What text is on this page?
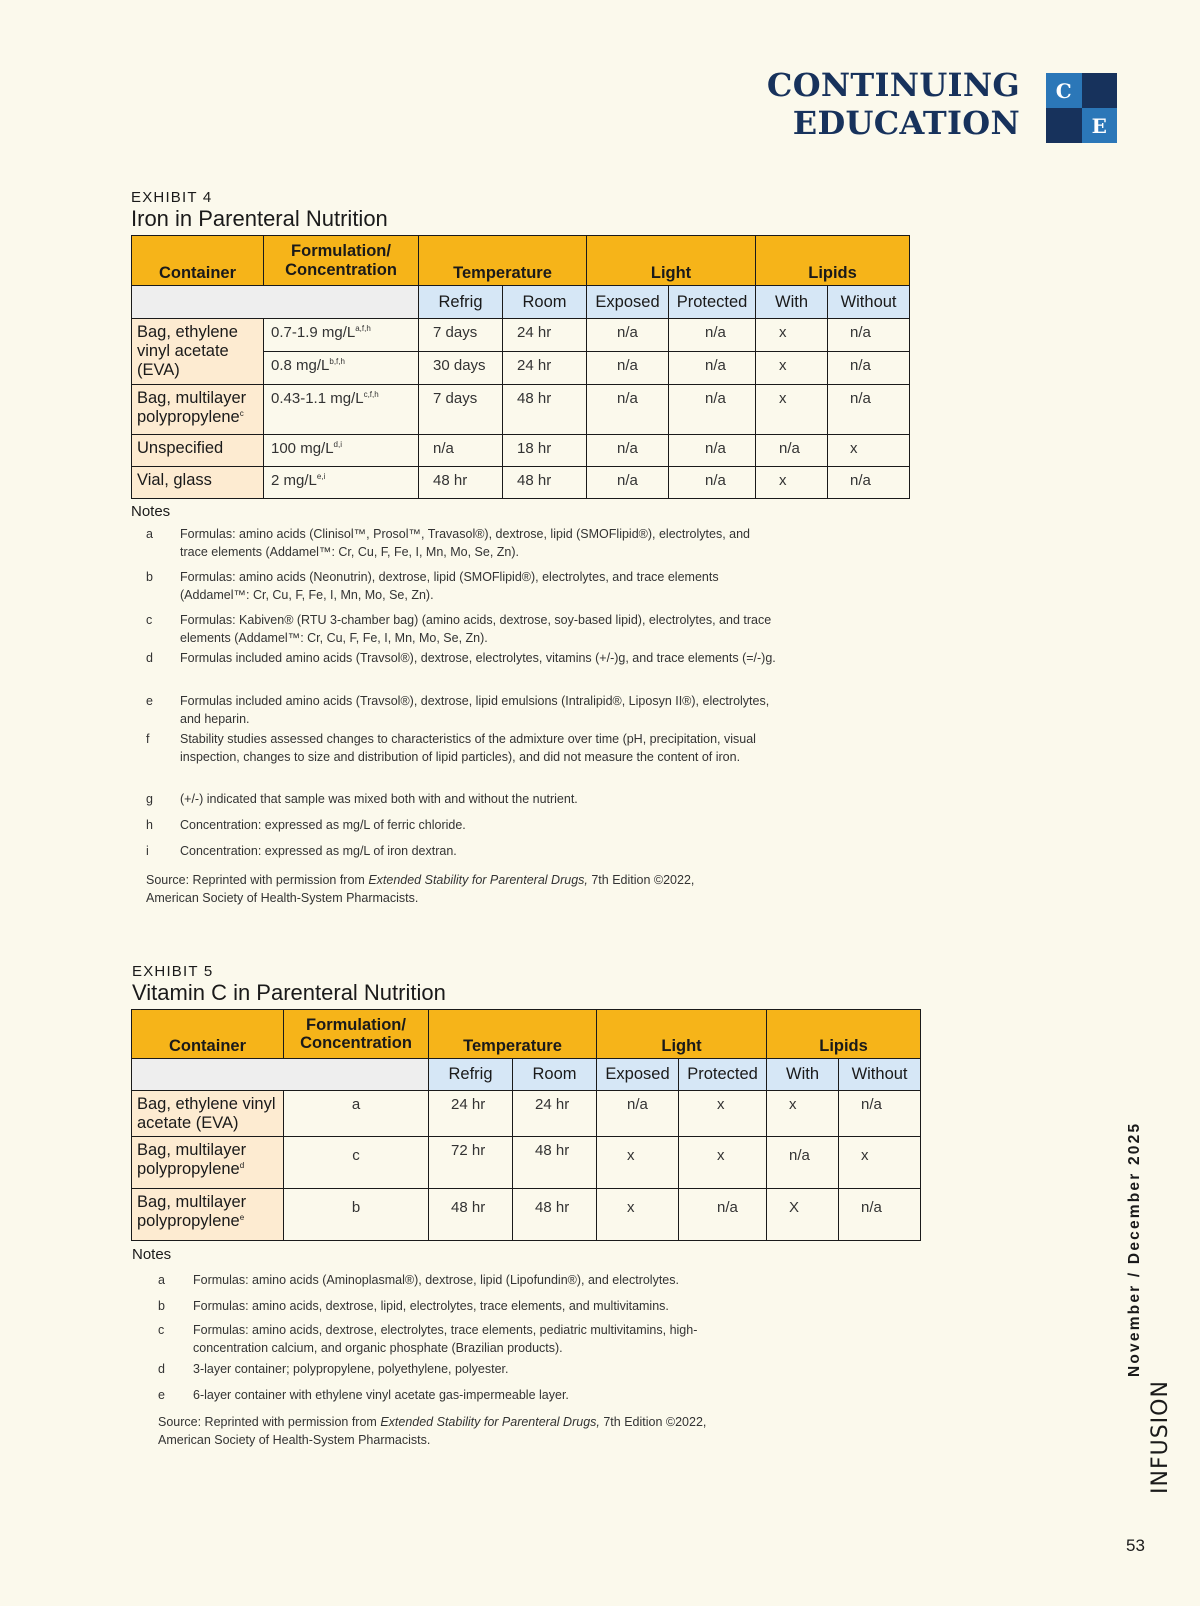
CONTINUING EDUCATION
C
E
EXHIBIT 4
Iron in Parenteral Nutrition
Container	Formulation/ Concentration	Temperature		Light		Lipids	
		Refrig	Room	Exposed	Protected	With	Without
Bag, ethylene vinyl acetate (EVA)	0.7-1.9 $mg/L^{a,f,h}$	7 days	24 hr	n/a	n/a	x	n/a
	0.8 $mg/L^{b,f,h}$	30 days	24 hr	n/a	n/a	x	n/a
Bag, multilayer polypropylene$^c$	0.43-1.1 $mg/L^{c,f,h}$	7 days	48 hr	n/a	n/a	x	n/a
Unspecified	100 $mg/L^{d,i}$	n/a	18 hr	n/a	n/a	n/a	x
Vial, glass	2 $mg/L^{e,i}$	48 hr	48 hr	n/a	n/a	x	n/a
Notes
a Formulas: amino acids (Clinisol™, Prosol™, Travasol®), dextrose, lipid (SMOFlipid®), electrolytes, and trace elements (Addamel™: Cr, Cu, F, Fe, I, Mn, Mo, Se, Zn).
b Formulas: amino acids (Neonutrin), dextrose, lipid (SMOFlipid®), electrolytes, and trace elements (Addamel™: Cr, Cu, F, Fe, I, Mn, Mo, Se, Zn).
c Formulas: Kabiven® (RTU 3-chamber bag) (amino acids, dextrose, soy-based lipid), electrolytes, and trace elements (Addamel™: Cr, Cu, F, Fe, I, Mn, Mo, Se, Zn).
d Formulas included amino acids (Travsol®), dextrose, electrolytes, vitamins (+/-)g, and trace elements (=/-)g.
e Formulas included amino acids (Travsol®), dextrose, lipid emulsions (Intralipid®, Liposyn II®), electrolytes, and heparin.
f Stability studies assessed changes to characteristics of the admixture over time (pH, precipitation, visual inspection, changes to size and distribution of lipid particles), and did not measure the content of iron.
g (+/-) indicated that sample was mixed both with and without the nutrient.
h Concentration: expressed as mg/L of ferric chloride.
i Concentration: expressed as mg/L of iron dextran.
Source: Reprinted with permission from Extended Stability for Parenteral Drugs, 7th Edition ©2022,
American Society of Health-System Pharmacists.
EXHIBIT 5
Vitamin C in Parenteral Nutrition
Container	Formulation/ Concentration	Temperature		Light		Lipids	
		Refrig	Room	Exposed	Protected	With	Without
Bag, ethylene vinyl acetate (EVA)	a	24 hr	24 hr	n/a	x	x	n/a
Bag, multilayer polypropylene$^d$	c	72 hr	48 hr	x	x	n/a	x
Bag, multilayer polypropylene$^e$	b	48 hr	48 hr	x	n/a	X	n/a
Notes
a Formulas: amino acids (Aminoplasmal®), dextrose, lipid (Lipofundin®), and electrolytes.
b Formulas: amino acids, dextrose, lipid, electrolytes, trace elements, and multivitamins.
c Formulas: amino acids, dextrose, electrolytes, trace elements, pediatric multivitamins, high-concentration calcium, and organic phosphate (Brazilian products).
d 3-layer container; polypropylene, polyethylene, polyester.
e 6-layer container with ethylene vinyl acetate gas-impermeable layer.
Source: Reprinted with permission from Extended Stability for Parenteral Drugs, 7th Edition ©2022,
American Society of Health-System Pharmacists.
November / December 2025
INFUSION
53
